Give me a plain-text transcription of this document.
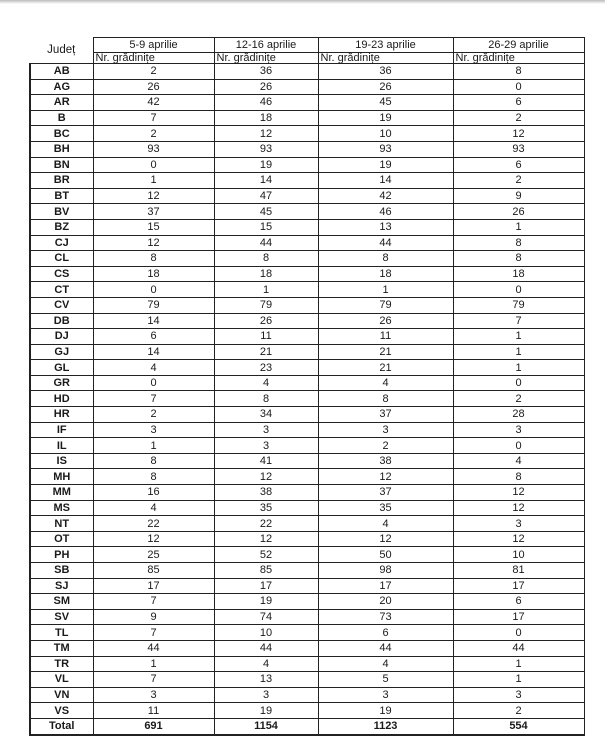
Județ	5-9 aprilie	12-16 aprilie	19-23 aprilie	26-29 aprilie
	Nr. grădinițe	Nr. grădinițe	Nr. grădinițe	Nr. grădinițe
AB	2	36	36	8
AG	26	26	26	0
AR	42	46	45	6
B	7	18	19	2
BC	2	12	10	12
BH	93	93	93	93
BN	0	19	19	6
BR	1	14	14	2
BT	12	47	42	9
BV	37	45	46	26
BZ	15	15	13	1
CJ	12	44	44	8
CL	8	8	8	8
CS	18	18	18	18
CT	0	1	1	0
CV	79	79	79	79
DB	14	26	26	7
DJ	6	11	11	1
GJ	14	21	21	1
GL	4	23	21	1
GR	0	4	4	0
HD	7	8	8	2
HR	2	34	37	28
IF	3	3	3	3
IL	1	3	2	0
IS	8	41	38	4
MH	8	12	12	8
MM	16	38	37	12
MS	4	35	35	12
NT	22	22	4	3
OT	12	12	12	12
PH	25	52	50	10
SB	85	85	98	81
SJ	17	17	17	17
SM	7	19	20	6
SV	9	74	73	17
TL	7	10	6	0
TM	44	44	44	44
TR	1	4	4	1
VL	7	13	5	1
VN	3	3	3	3
VS	11	19	19	2
Total	691	1154	1123	554
